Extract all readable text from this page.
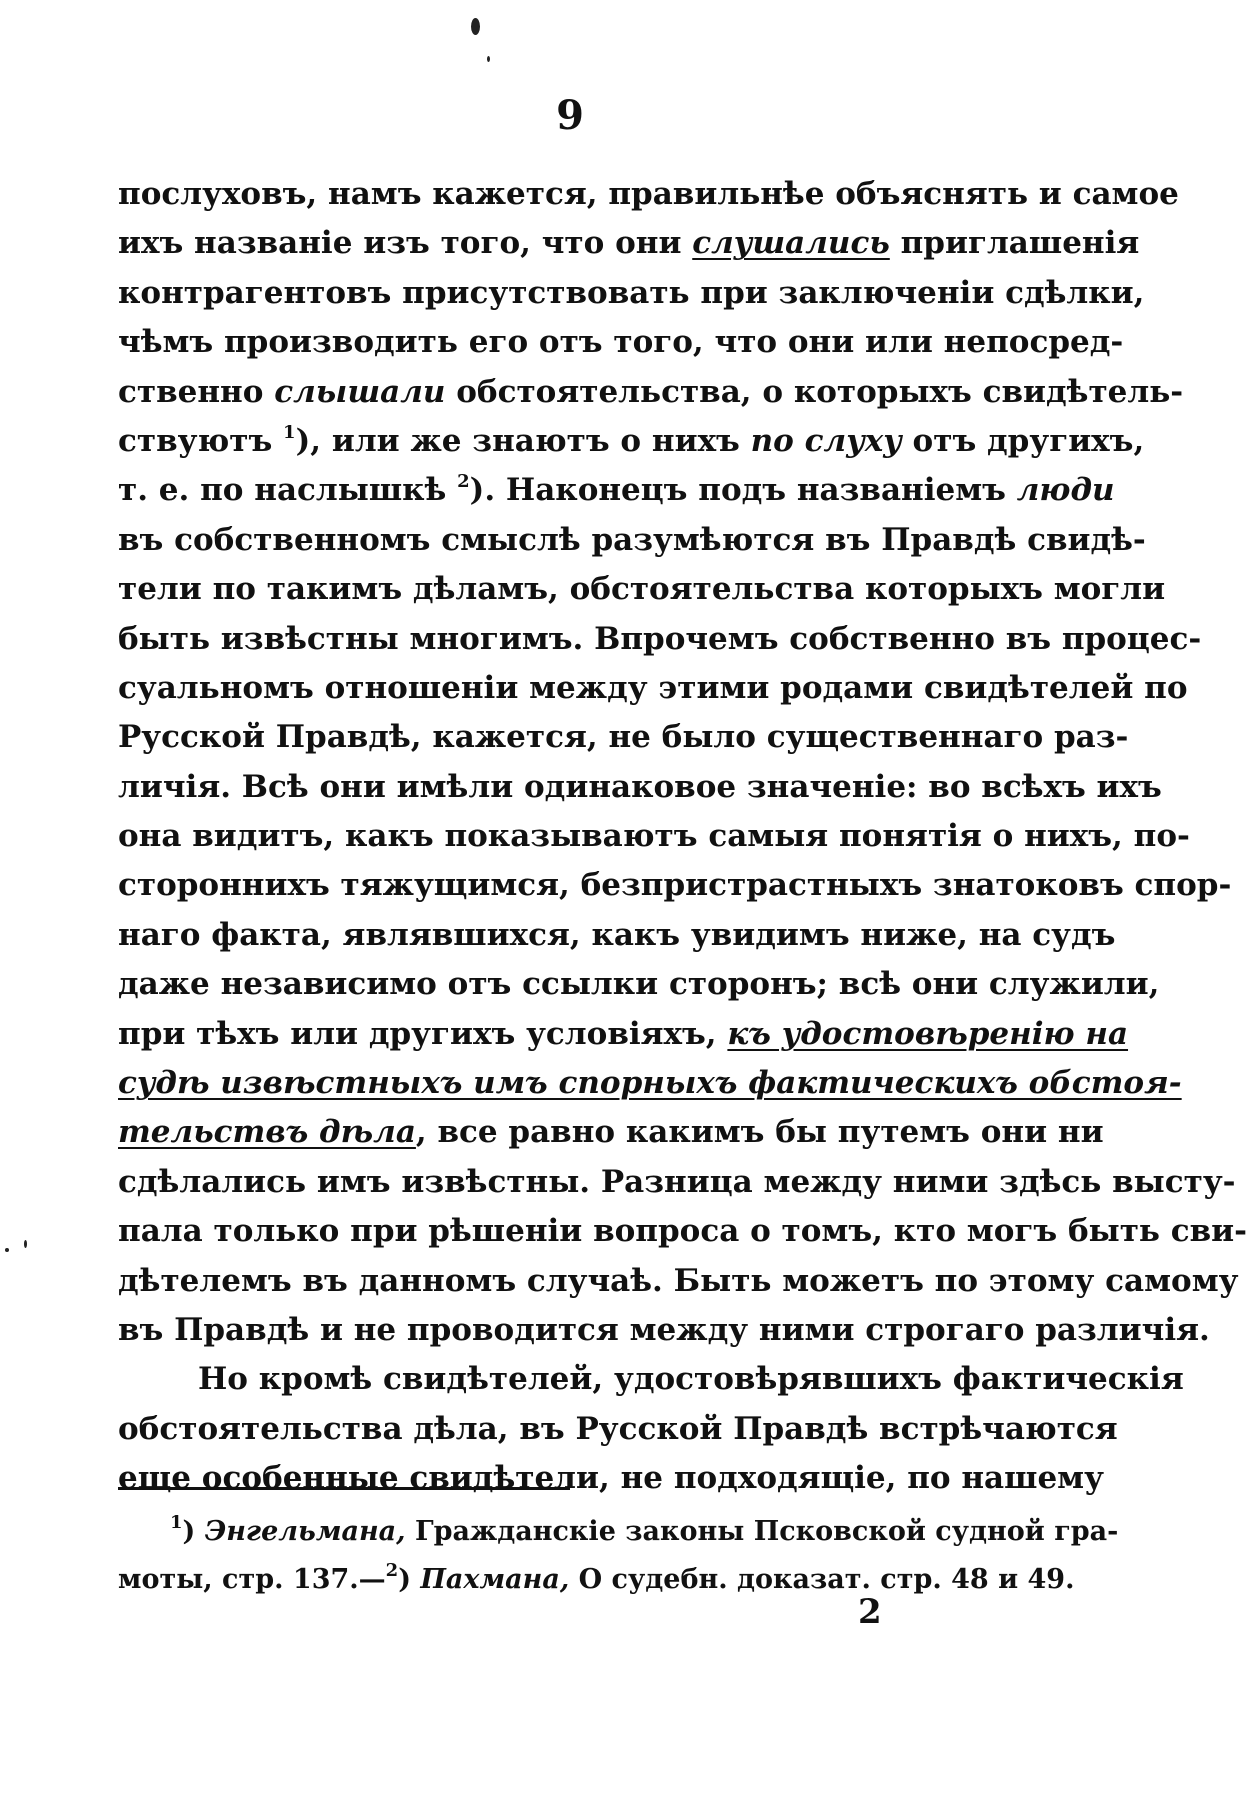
9
послуховъ, намъ кажется, правильнѣе объяснять и самое
ихъ названіе изъ того, что они слушались приглашенія
контрагентовъ присутствовать при заключеніи сдѣлки,
чѣмъ производить его отъ того, что они или непосред-
ственно слышали обстоятельства, о которыхъ свидѣтель-
ствуютъ $^1$), или же знаютъ о нихъ по слуху отъ другихъ,
т. е. по наслышкѣ $^2$). Наконецъ подъ названіемъ люди
въ собственномъ смыслѣ разумѣются въ Правдѣ свидѣ-
тели по такимъ дѣламъ, обстоятельства которыхъ могли
быть извѣстны многимъ. Впрочемъ собственно въ процес-
суальномъ отношеніи между этими родами свидѣтелей по
Русской Правдѣ, кажется, не было существеннаго раз-
личія. Всѣ они имѣли одинаковое значеніе: во всѣхъ ихъ
она видитъ, какъ показываютъ самыя понятія о нихъ, по-
стороннихъ тяжущимся, безпристрастныхъ знатоковъ спор-
наго факта, являвшихся, какъ увидимъ ниже, на судъ
даже независимо отъ ссылки сторонъ; всѣ они служили,
при тѣхъ или другихъ условіяхъ, къ удостовѣренію на
судѣ извѣстныхъ имъ спорныхъ фактическихъ обстоя-
тельствъ дѣла, все равно какимъ бы путемъ они ни
сдѣлались имъ извѣстны. Разница между ними здѣсь высту-
пала только при рѣшеніи вопроса о томъ, кто могъ быть сви-
дѣтелемъ въ данномъ случаѣ. Быть можетъ по этому самому
въ Правдѣ и не проводится между ними строгаго различія.
Но кромѣ свидѣтелей, удостовѣрявшихъ фактическія
обстоятельства дѣла, въ Русской Правдѣ встрѣчаются
еще особенные свидѣтели, не подходящіе, по нашему
$^1$) Энгельмана, Гражданскіе законы Псковской судной гра-
моты, стр. 137.—$^2$) Пахмана, О судебн. доказат. стр. 48 и 49.
2
